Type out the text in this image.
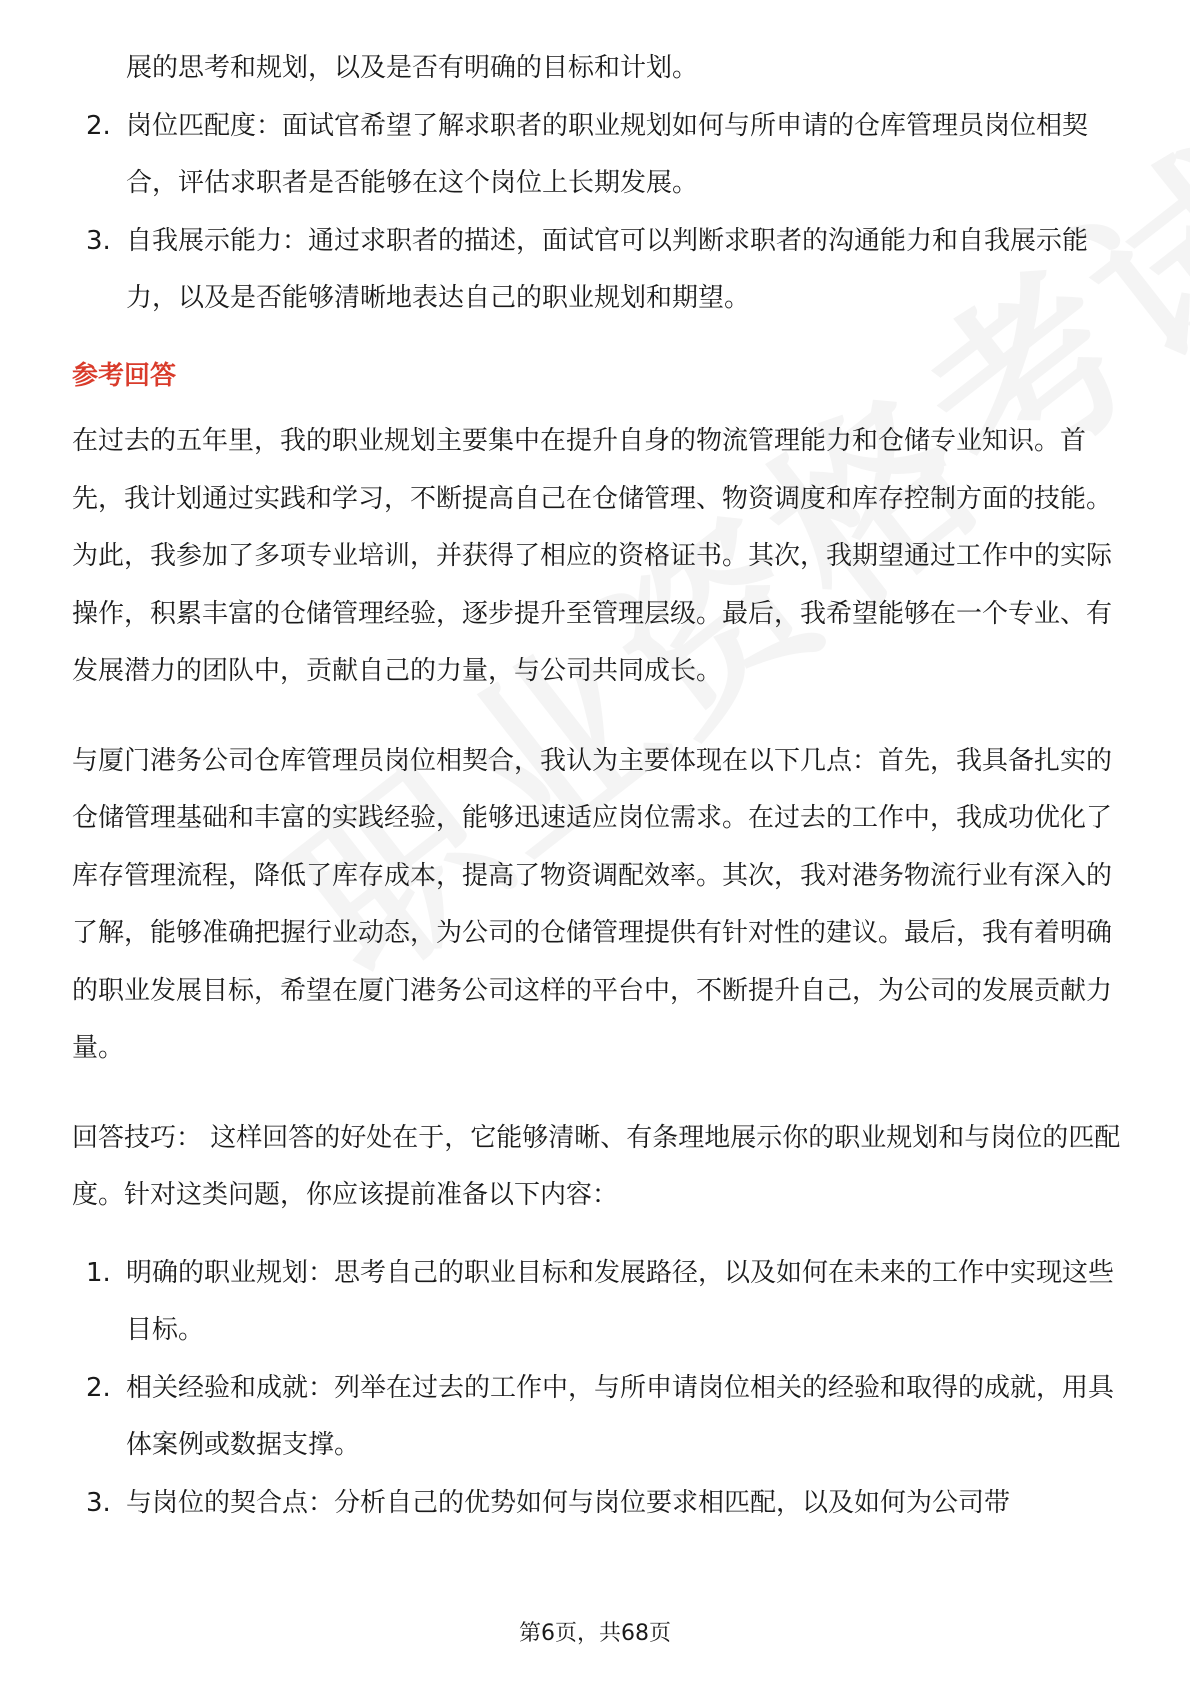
展的思考和规划，以及是否有明确的目标和计划。

2. 岗位匹配度：面试官希望了解求职者的职业规划如何与所申请的仓库管理员岗位相契合，评估求职者是否能够在这个岗位上长期发展。
3. 自我展示能力：通过求职者的描述，面试官可以判断求职者的沟通能力和自我展示能力，以及是否能够清晰地表达自己的职业规划和期望。

参考回答

在过去的五年里，我的职业规划主要集中在提升自身的物流管理能力和仓储专业知识。首先，我计划通过实践和学习，不断提高自己在仓储管理、物资调度和库存控制方面的技能。为此，我参加了多项专业培训，并获得了相应的资格证书。其次，我期望通过工作中的实际操作，积累丰富的仓储管理经验，逐步提升至管理层级。最后，我希望能够在一个专业、有发展潜力的团队中，贡献自己的力量，与公司共同成长。

与厦门港务公司仓库管理员岗位相契合，我认为主要体现在以下几点：首先，我具备扎实的仓储管理基础和丰富的实践经验，能够迅速适应岗位需求。在过去的工作中，我成功优化了库存管理流程，降低了库存成本，提高了物资调配效率。其次，我对港务物流行业有深入的了解，能够准确把握行业动态，为公司的仓储管理提供有针对性的建议。最后，我有着明确的职业发展目标，希望在厦门港务公司这样的平台中，不断提升自己，为公司的发展贡献力量。

回答技巧： 这样回答的好处在于，它能够清晰、有条理地展示你的职业规划和与岗位的匹配度。针对这类问题，你应该提前准备以下内容：

1. 明确的职业规划：思考自己的职业目标和发展路径，以及如何在未来的工作中实现这些目标。
2. 相关经验和成就：列举在过去的工作中，与所申请岗位相关的经验和取得的成就，用具体案例或数据支撑。
3. 与岗位的契合点：分析自己的优势如何与岗位要求相匹配，以及如何为公司带
第6页，共68页
